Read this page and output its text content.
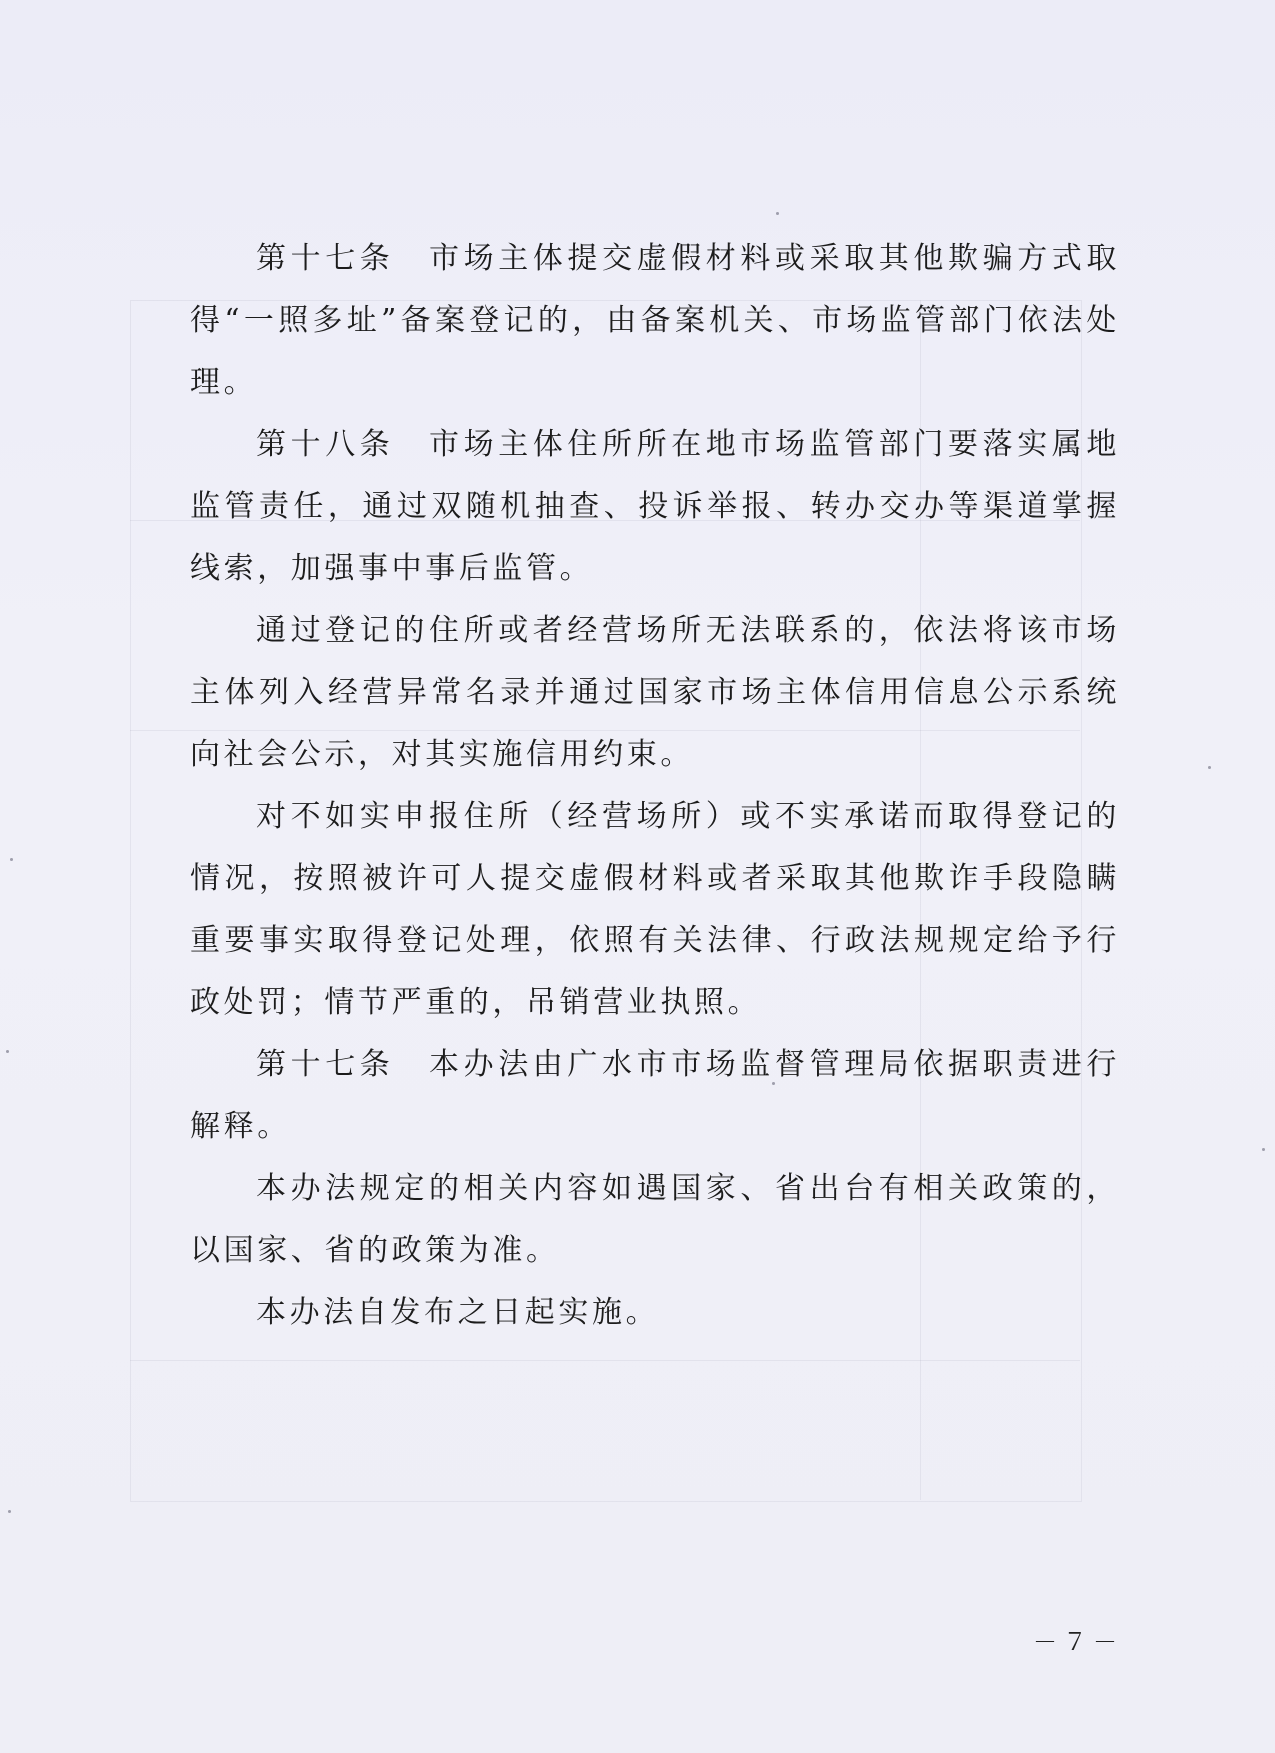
第十七条　市场主体提交虚假材料或采取其他欺骗方式取得“一照多址”备案登记的，由备案机关、市场监管部门依法处理。

第十八条　市场主体住所所在地市场监管部门要落实属地监管责任，通过双随机抽查、投诉举报、转办交办等渠道掌握线索，加强事中事后监管。

通过登记的住所或者经营场所无法联系的，依法将该市场主体列入经营异常名录并通过国家市场主体信用信息公示系统向社会公示，对其实施信用约束。

对不如实申报住所（经营场所）或不实承诺而取得登记的情况，按照被许可人提交虚假材料或者采取其他欺诈手段隐瞒重要事实取得登记处理，依照有关法律、行政法规规定给予行政处罚；情节严重的，吊销营业执照。

第十七条　本办法由广水市市场监督管理局依据职责进行解释。

本办法规定的相关内容如遇国家、省出台有相关政策的，以国家、省的政策为准。

本办法自发布之日起实施。

－７－
